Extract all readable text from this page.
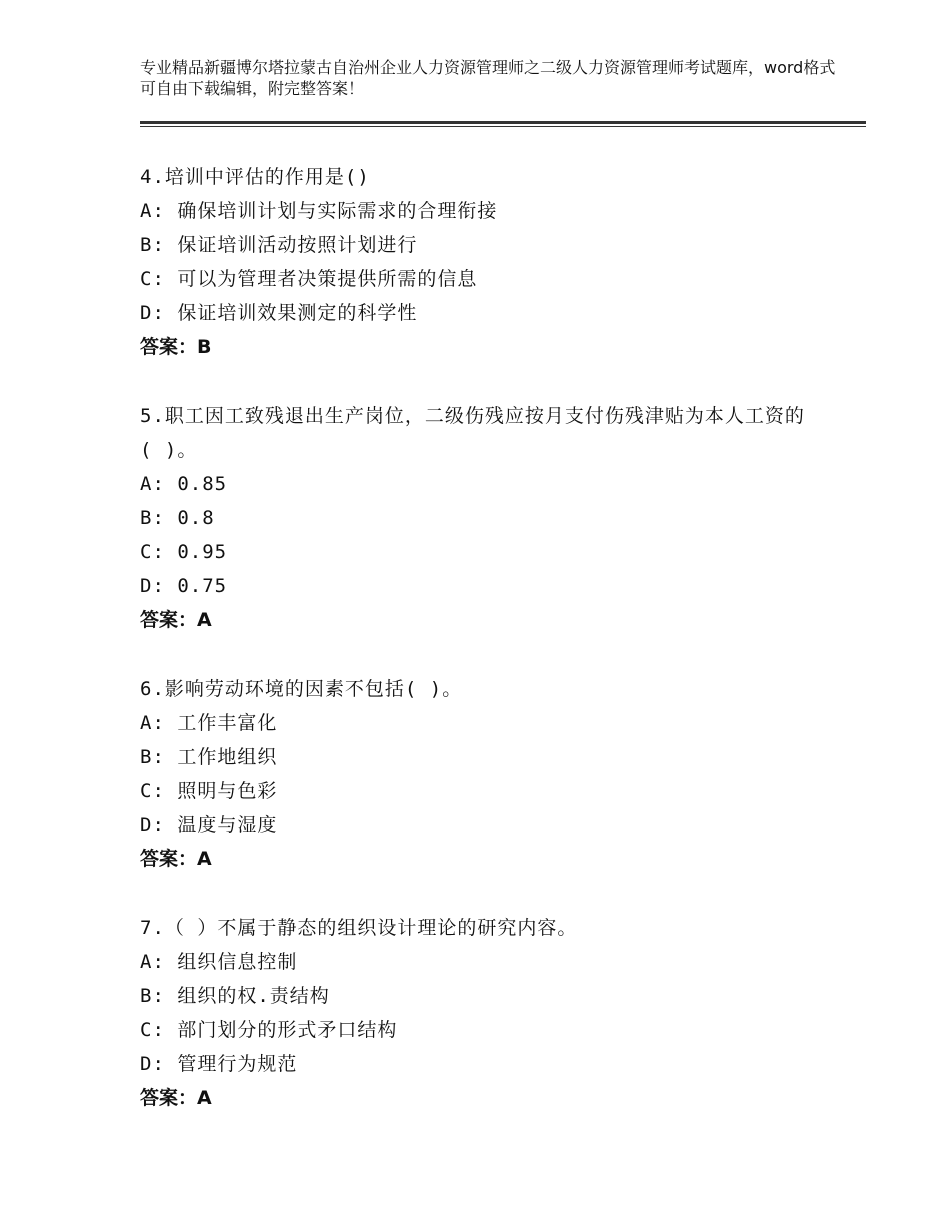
专业精品新疆博尔塔拉蒙古自治州企业人力资源管理师之二级人力资源管理师考试题库，word格式可自由下载编辑，附完整答案！
4.培训中评估的作用是()
A: 确保培训计划与实际需求的合理衔接
B: 保证培训活动按照计划进行
C: 可以为管理者决策提供所需的信息
D: 保证培训效果测定的科学性
答案：B
5.职工因工致残退出生产岗位，二级伤残应按月支付伤残津贴为本人工资的( )。
A: 0.85
B: 0.8
C: 0.95
D: 0.75
答案：A
6.影响劳动环境的因素不包括( )。
A: 工作丰富化
B: 工作地组织
C: 照明与色彩
D: 温度与湿度
答案：A
7.（ ）不属于静态的组织设计理论的研究内容。
A: 组织信息控制
B: 组织的权.责结构
C: 部门划分的形式矛口结构
D: 管理行为规范
答案：A
